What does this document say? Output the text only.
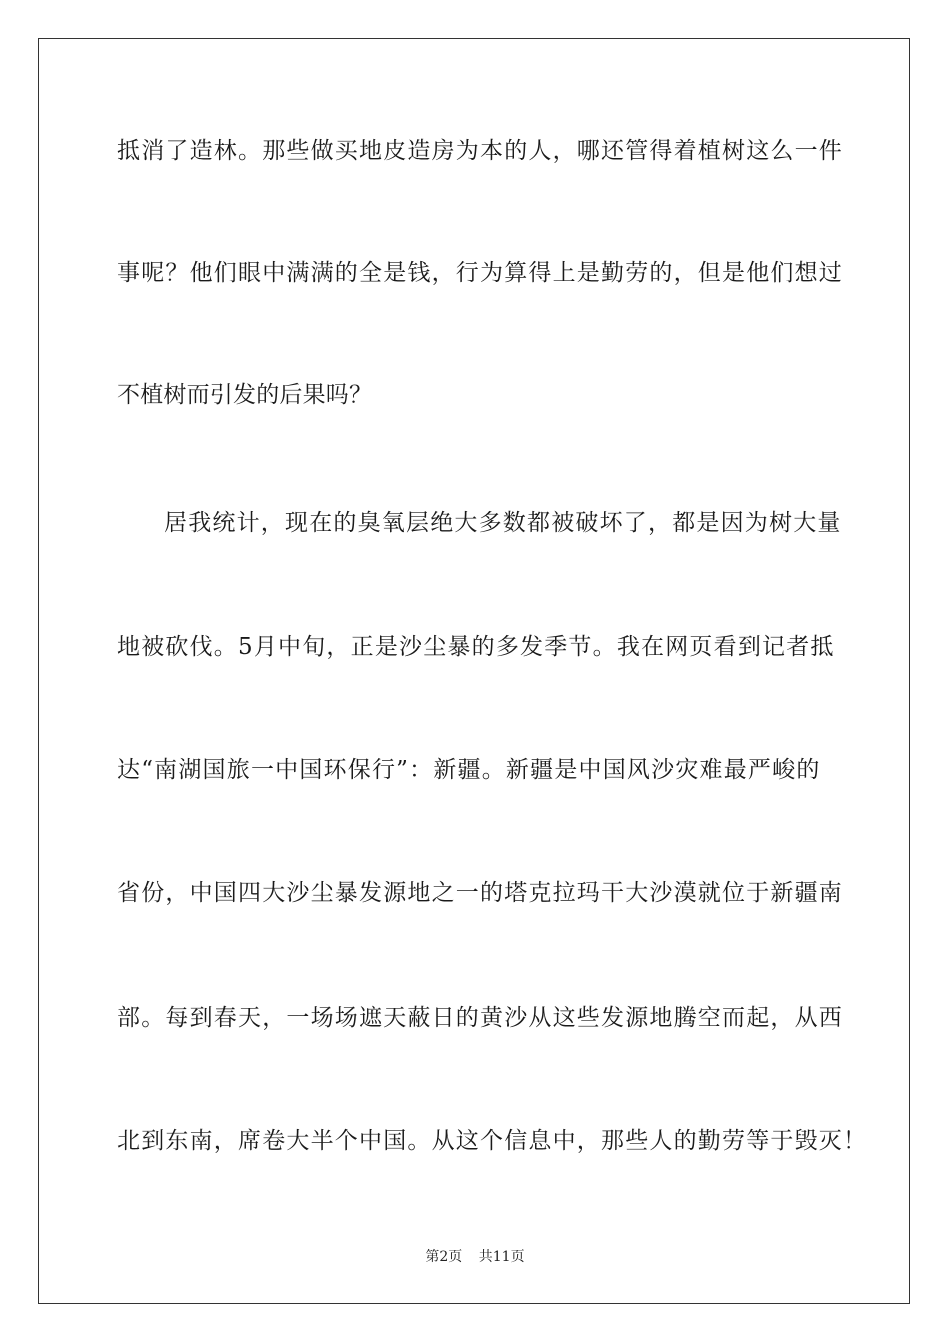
抵消了造林。那些做买地皮造房为本的人，哪还管得着植树这么一件
事呢？他们眼中满满的全是钱，行为算得上是勤劳的，但是他们想过
不植树而引发的后果吗？
居我统计，现在的臭氧层绝大多数都被破坏了，都是因为树大量
地被砍伐。5月中旬，正是沙尘暴的多发季节。我在网页看到记者抵
达“南湖国旅一中国环保行”：新疆。新疆是中国风沙灾难最严峻的
省份，中国四大沙尘暴发源地之一的塔克拉玛干大沙漠就位于新疆南
部。每到春天，一场场遮天蔽日的黄沙从这些发源地腾空而起，从西
北到东南，席卷大半个中国。从这个信息中，那些人的勤劳等于毁灭！
第2页 共11页
